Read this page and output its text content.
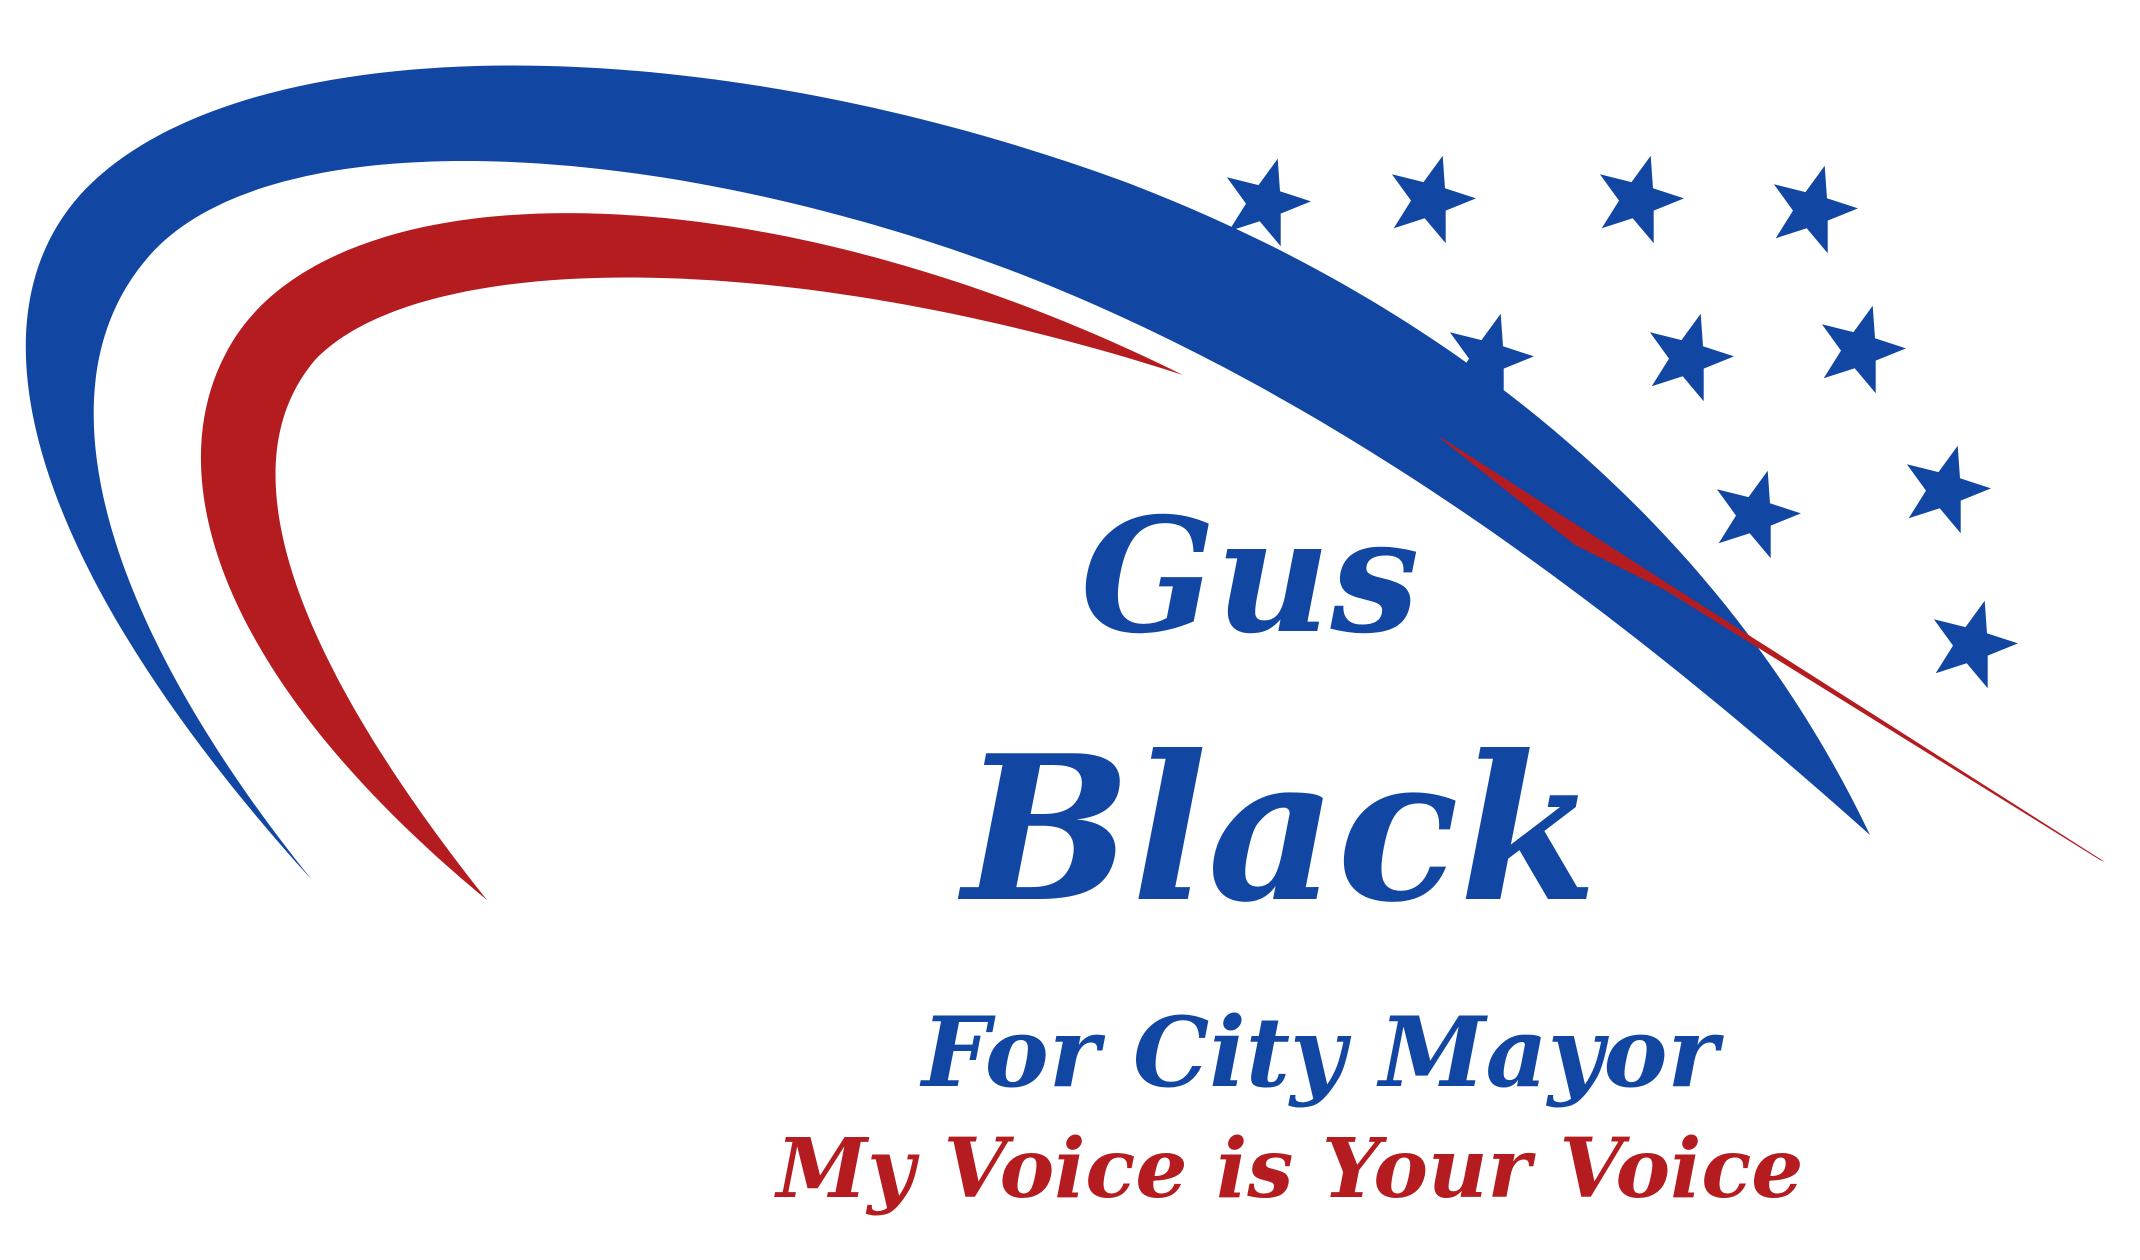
Gus
Black
For City Mayor
My Voice is Your Voice
